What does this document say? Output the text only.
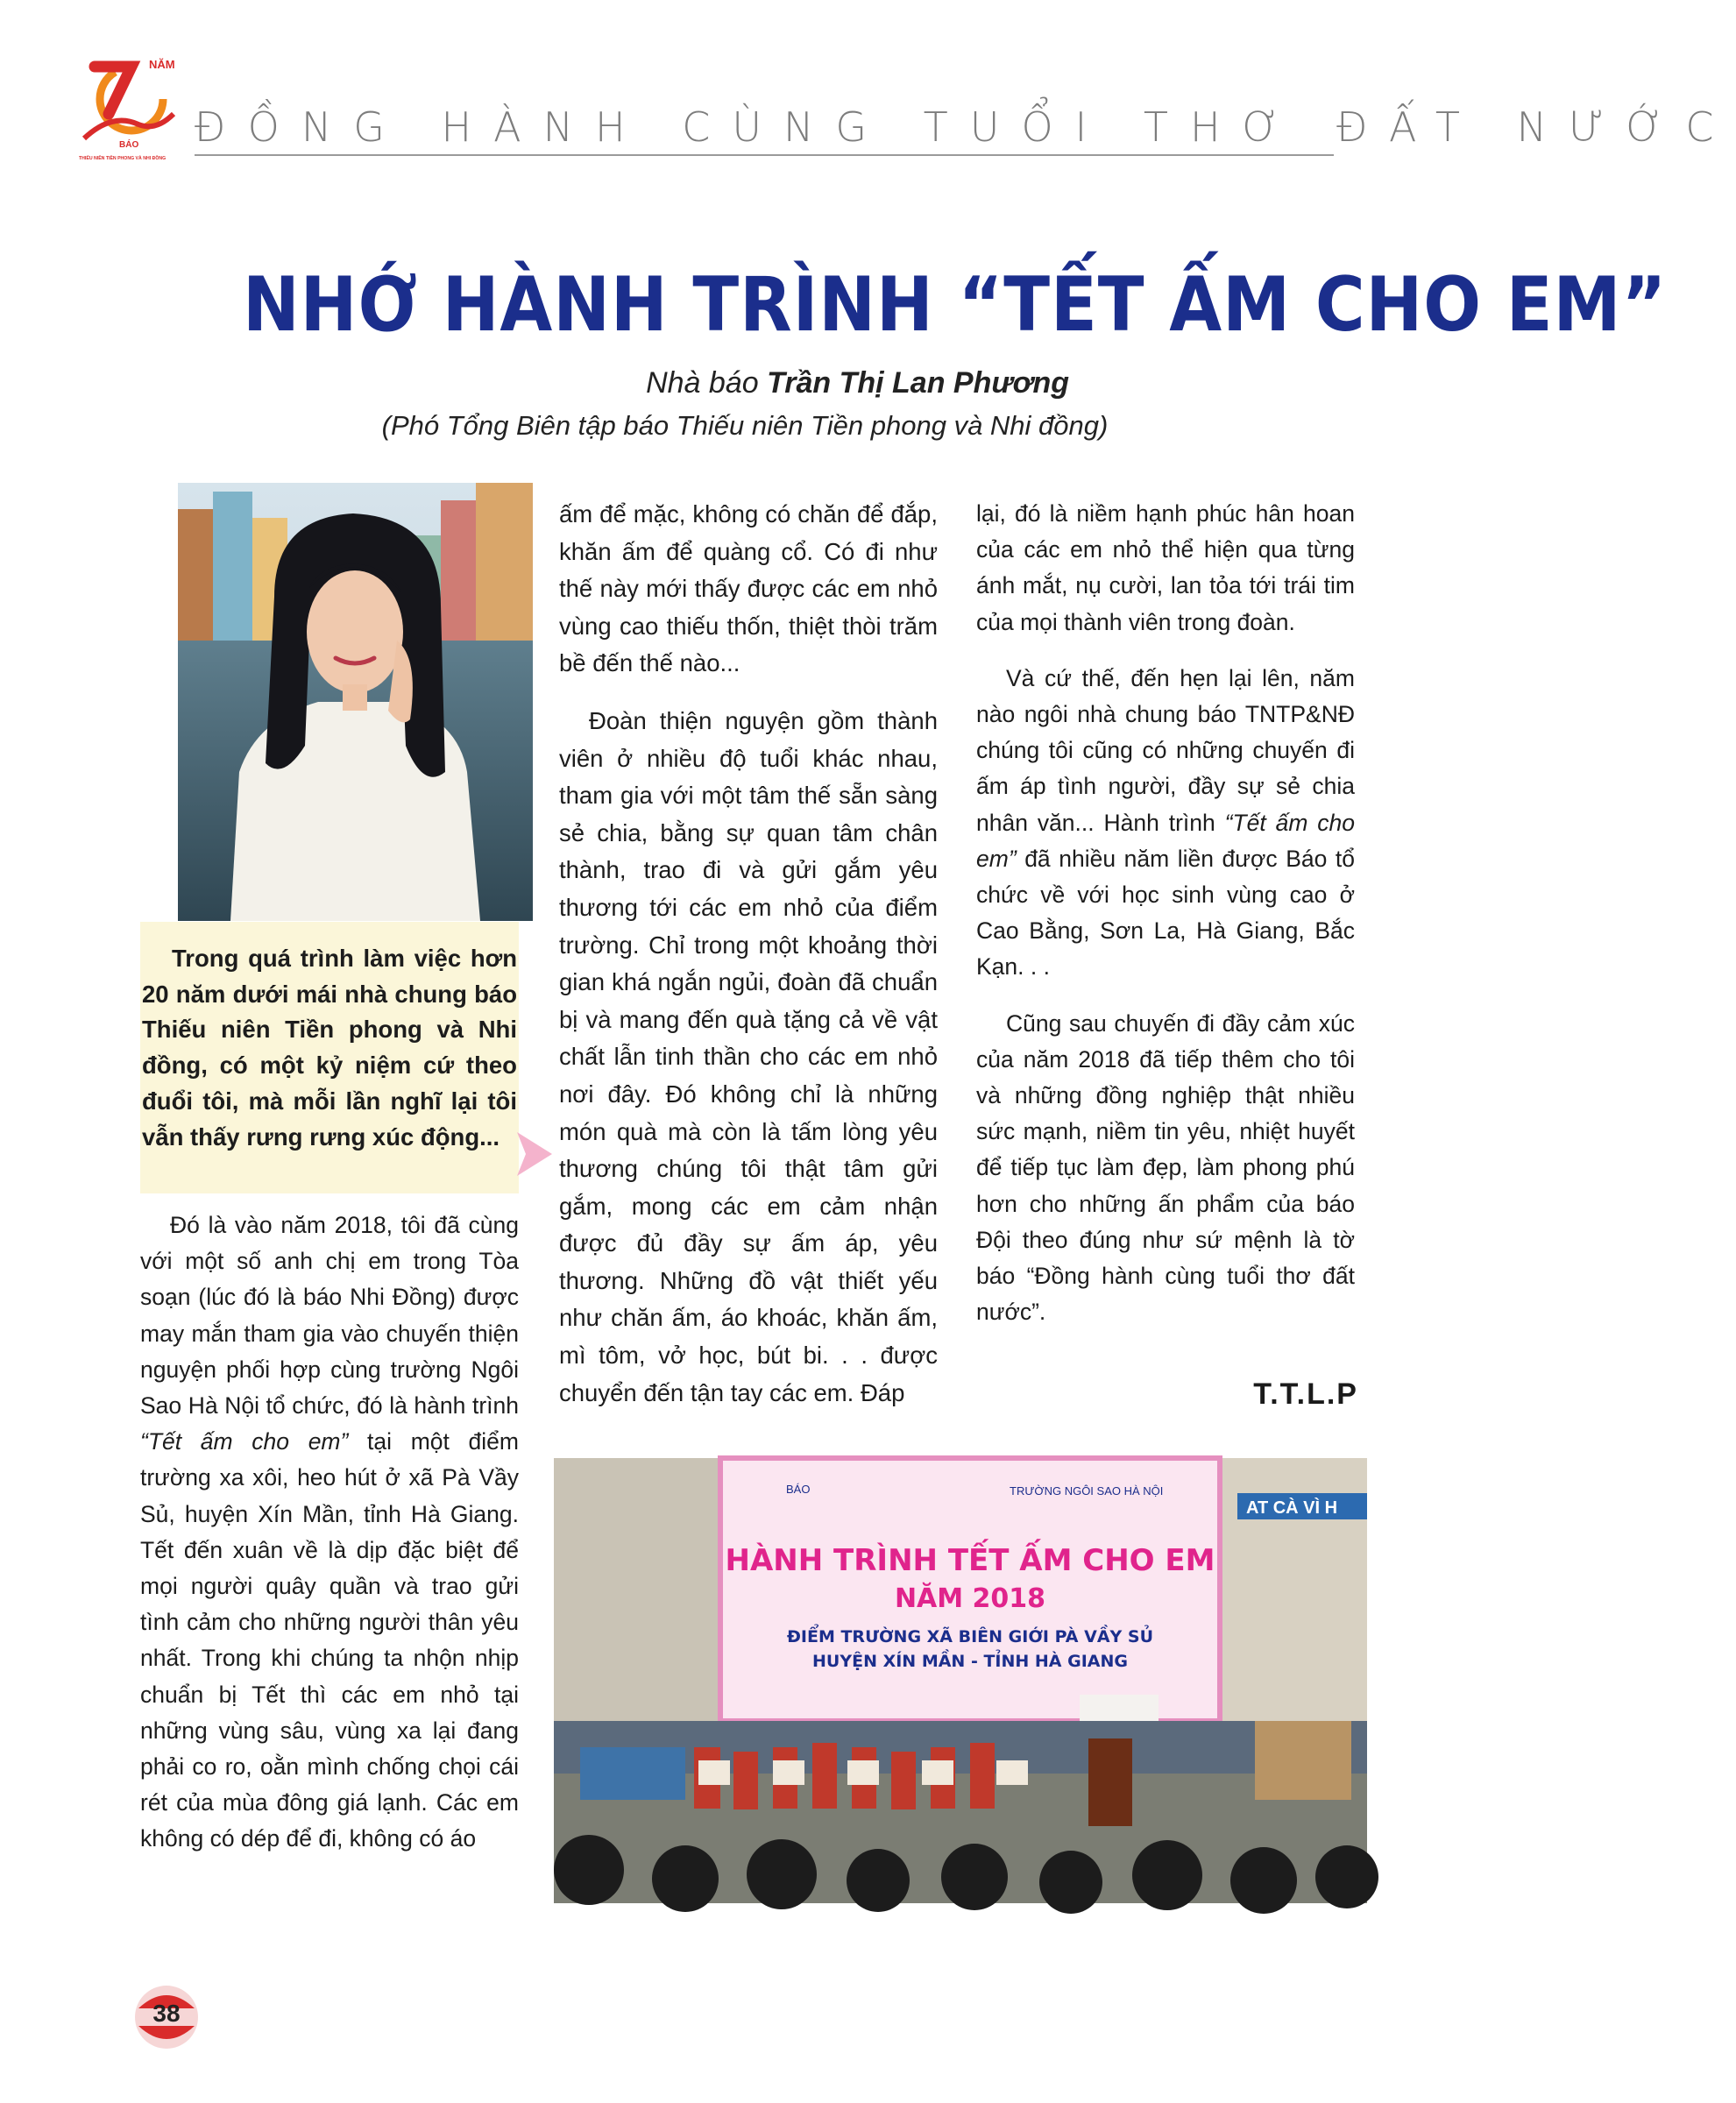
NĂM
BÁO
THIẾU NIÊN TIỀN PHONG VÀ NHI ĐỒNG
ĐỒNG HÀNH CÙNG TUỔI THƠ ĐẤT NƯỚC
NHỚ HÀNH TRÌNH “TẾT ẤM CHO EM”
Nhà báo Trần Thị Lan Phương
(Phó Tổng Biên tập báo Thiếu niên Tiền phong và Nhi đồng)
Trong quá trình làm việc hơn 20 năm dưới mái nhà chung báo Thiếu niên Tiền phong và Nhi đồng, có một kỷ niệm cứ theo đuổi tôi, mà mỗi lần nghĩ lại tôi vẫn thấy rưng rưng xúc động...

Đó là vào năm 2018, tôi đã cùng với một số anh chị em trong Tòa soạn (lúc đó là báo Nhi Đồng) được may mắn tham gia vào chuyến thiện nguyện phối hợp cùng trường Ngôi Sao Hà Nội tổ chức, đó là hành trình “Tết ấm cho em” tại một điểm trường xa xôi, heo hút ở xã Pà Vầy Sủ, huyện Xín Mần, tỉnh Hà Giang. Tết đến xuân về là dịp đặc biệt để mọi người quây quần và trao gửi tình cảm cho những người thân yêu nhất. Trong khi chúng ta nhộn nhịp chuẩn bị Tết thì các em nhỏ tại những vùng sâu, vùng xa lại đang phải co ro, oằn mình chống chọi cái rét của mùa đông giá lạnh. Các em không có dép để đi, không có áo

ấm để mặc, không có chăn để đắp, khăn ấm để quàng cổ. Có đi như thế này mới thấy được các em nhỏ vùng cao thiếu thốn, thiệt thòi trăm bề đến thế nào...

Đoàn thiện nguyện gồm thành viên ở nhiều độ tuổi khác nhau, tham gia với một tâm thế sẵn sàng sẻ chia, bằng sự quan tâm chân thành, trao đi và gửi gắm yêu thương tới các em nhỏ của điểm trường. Chỉ trong một khoảng thời gian khá ngắn ngủi, đoàn đã chuẩn bị và mang đến quà tặng cả về vật chất lẫn tinh thần cho các em nhỏ nơi đây. Đó không chỉ là những món quà mà còn là tấm lòng yêu thương chúng tôi thật tâm gửi gắm, mong các em cảm nhận được đủ đầy sự ấm áp, yêu thương. Những đồ vật thiết yếu như chăn ấm, áo khoác, khăn ấm, mì tôm, vở học, bút bi. . . được chuyển đến tận tay các em. Đáp

lại, đó là niềm hạnh phúc hân hoan của các em nhỏ thể hiện qua từng ánh mắt, nụ cười, lan tỏa tới trái tim của mọi thành viên trong đoàn.

Và cứ thế, đến hẹn lại lên, năm nào ngôi nhà chung báo TNTP&NĐ chúng tôi cũng có những chuyến đi ấm áp tình người, đầy sự sẻ chia nhân văn... Hành trình “Tết ấm cho em” đã nhiều năm liền được Báo tổ chức về với học sinh vùng cao ở Cao Bằng, Sơn La, Hà Giang, Bắc Kạn. . .

Cũng sau chuyến đi đầy cảm xúc của năm 2018 đã tiếp thêm cho tôi và những đồng nghiệp thật nhiều sức mạnh, niềm tin yêu, nhiệt huyết để tiếp tục làm đẹp, làm phong phú hơn cho những ấn phẩm của báo Đội theo đúng như sứ mệnh là tờ báo “Đồng hành cùng tuổi thơ đất nước”.

T.T.L.P
AT CÀ VÌ H
BÁO	TRƯỜNG NGÔI SAO HÀ NỘI
HÀNH TRÌNH TẾT ẤM CHO EM
NĂM 2018
ĐIỂM TRƯỜNG XÃ BIÊN GIỚI PÀ VẦY SỦ
HUYỆN XÍN MẦN - TỈNH HÀ GIANG
38
